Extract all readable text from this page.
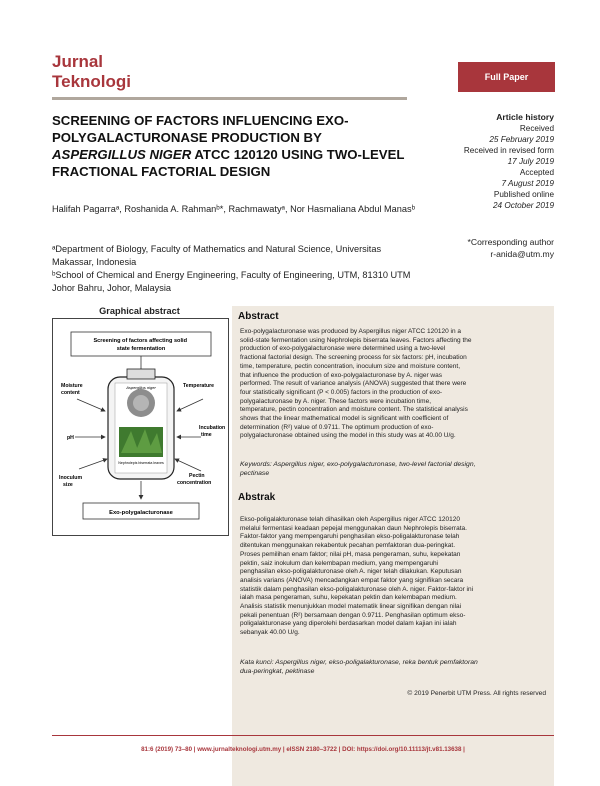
Jurnal
Teknologi	Full Paper
SCREENING OF FACTORS INFLUENCING EXO-
POLYGALACTURONASE PRODUCTION BY
ASPERGILLUS NIGER ATCC 120120 USING TWO-LEVEL
FRACTIONAL FACTORIAL DESIGN
Halifah Pagarraᵃ, Roshanida A. Rahmanᵇ*, Rachmawatyᵃ, Nor Hasmaliana Abdul Manasᵇ
ᵃDepartment of Biology, Faculty of Mathematics and Natural Science, Universitas Makassar, Indonesia
ᵇSchool of Chemical and Energy Engineering, Faculty of Engineering, UTM, 81310 UTM Johor Bahru, Johor, Malaysia
Article history
Received
25 February 2019
Received in revised form
17 July 2019
Accepted
7 August 2019
Published online
24 October 2019
*Corresponding author
r-anida@utm.my
Graphical abstract
Screening of factors affecting solid state fermentation
Aspergillus niger
Nephrolepis biserrata leaves
Moisture content
Temperature
pH
Incubation time
Inoculum size
Pectin concentration
Exo-polygalacturonase
Abstract
Exo-polygalacturonase was produced by Aspergillus niger ATCC 120120 in a
solid-state fermentation using Nephrolepis biserrata leaves. Factors affecting the
production of exo-polygalacturonase were determined using a two-level
fractional factorial design. The screening process for six factors: pH, incubation
time, temperature, pectin concentration, inoculum size and moisture content,
that influence the production of exo-polygalacturonase by A. niger was
performed. The result of variance analysis (ANOVA) suggested that there were
four statistically significant (P < 0.005) factors in the production of exo-
polygalacturonase by A. niger. These factors were incubation time,
temperature, pectin concentration and moisture content. The statistical analysis
shows that the linear mathematical model is significant with coefficient of
determination (R²) value of 0.9711. The optimum production of exo-
polygalacturonase obtained using the model in this study was at 40.00 U/g.
Keywords: Aspergillus niger, exo-polygalacturonase, two-level factorial design,
pectinase
Abstrak
Ekso-poligalakturonase telah dihasilkan oleh Aspergillus niger ATCC 120120
melalui fermentasi keadaan pepejal menggunakan daun Nephrolepis biserrata.
Faktor-faktor yang mempengaruhi penghasilan ekso-poligalakturonase telah
ditentukan menggunakan rekabentuk pecahan pemfaktoran dua-peringkat.
Proses pemilihan enam faktor; nilai pH, masa pengeraman, suhu, kepekatan
pektin, saiz inokulum dan kelembapan medium, yang mempengaruhi
penghasilan ekso-poligalakturonase oleh A. niger telah dilakukan. Keputusan
analisis varians (ANOVA) mencadangkan empat faktor yang signifikan secara
statistik dalam penghasilan ekso-poligalakturonase oleh A. niger. Faktor-faktor ini
ialah masa pengeraman, suhu, kepekatan pektin dan kelembapan medium.
Analisis statistik menunjukkan model matematik linear signifikan dengan nilai
pekali penentuan (R²) bersamaan dengan 0.9711. Penghasilan optimum ekso-
poligalakturonase yang diperolehi berdasarkan model dalam kajian ini ialah
sebanyak 40.00 U/g.
Kata kunci: Aspergillus niger, ekso-poligalakturonase, reka bentuk pemfaktoran
dua-peringkat, pektinase
© 2019 Penerbit UTM Press. All rights reserved
81:6 (2019) 73–80 | www.jurnalteknologi.utm.my | eISSN 2180–3722 | DOI: https://doi.org/10.11113/jt.v81.13638 |
